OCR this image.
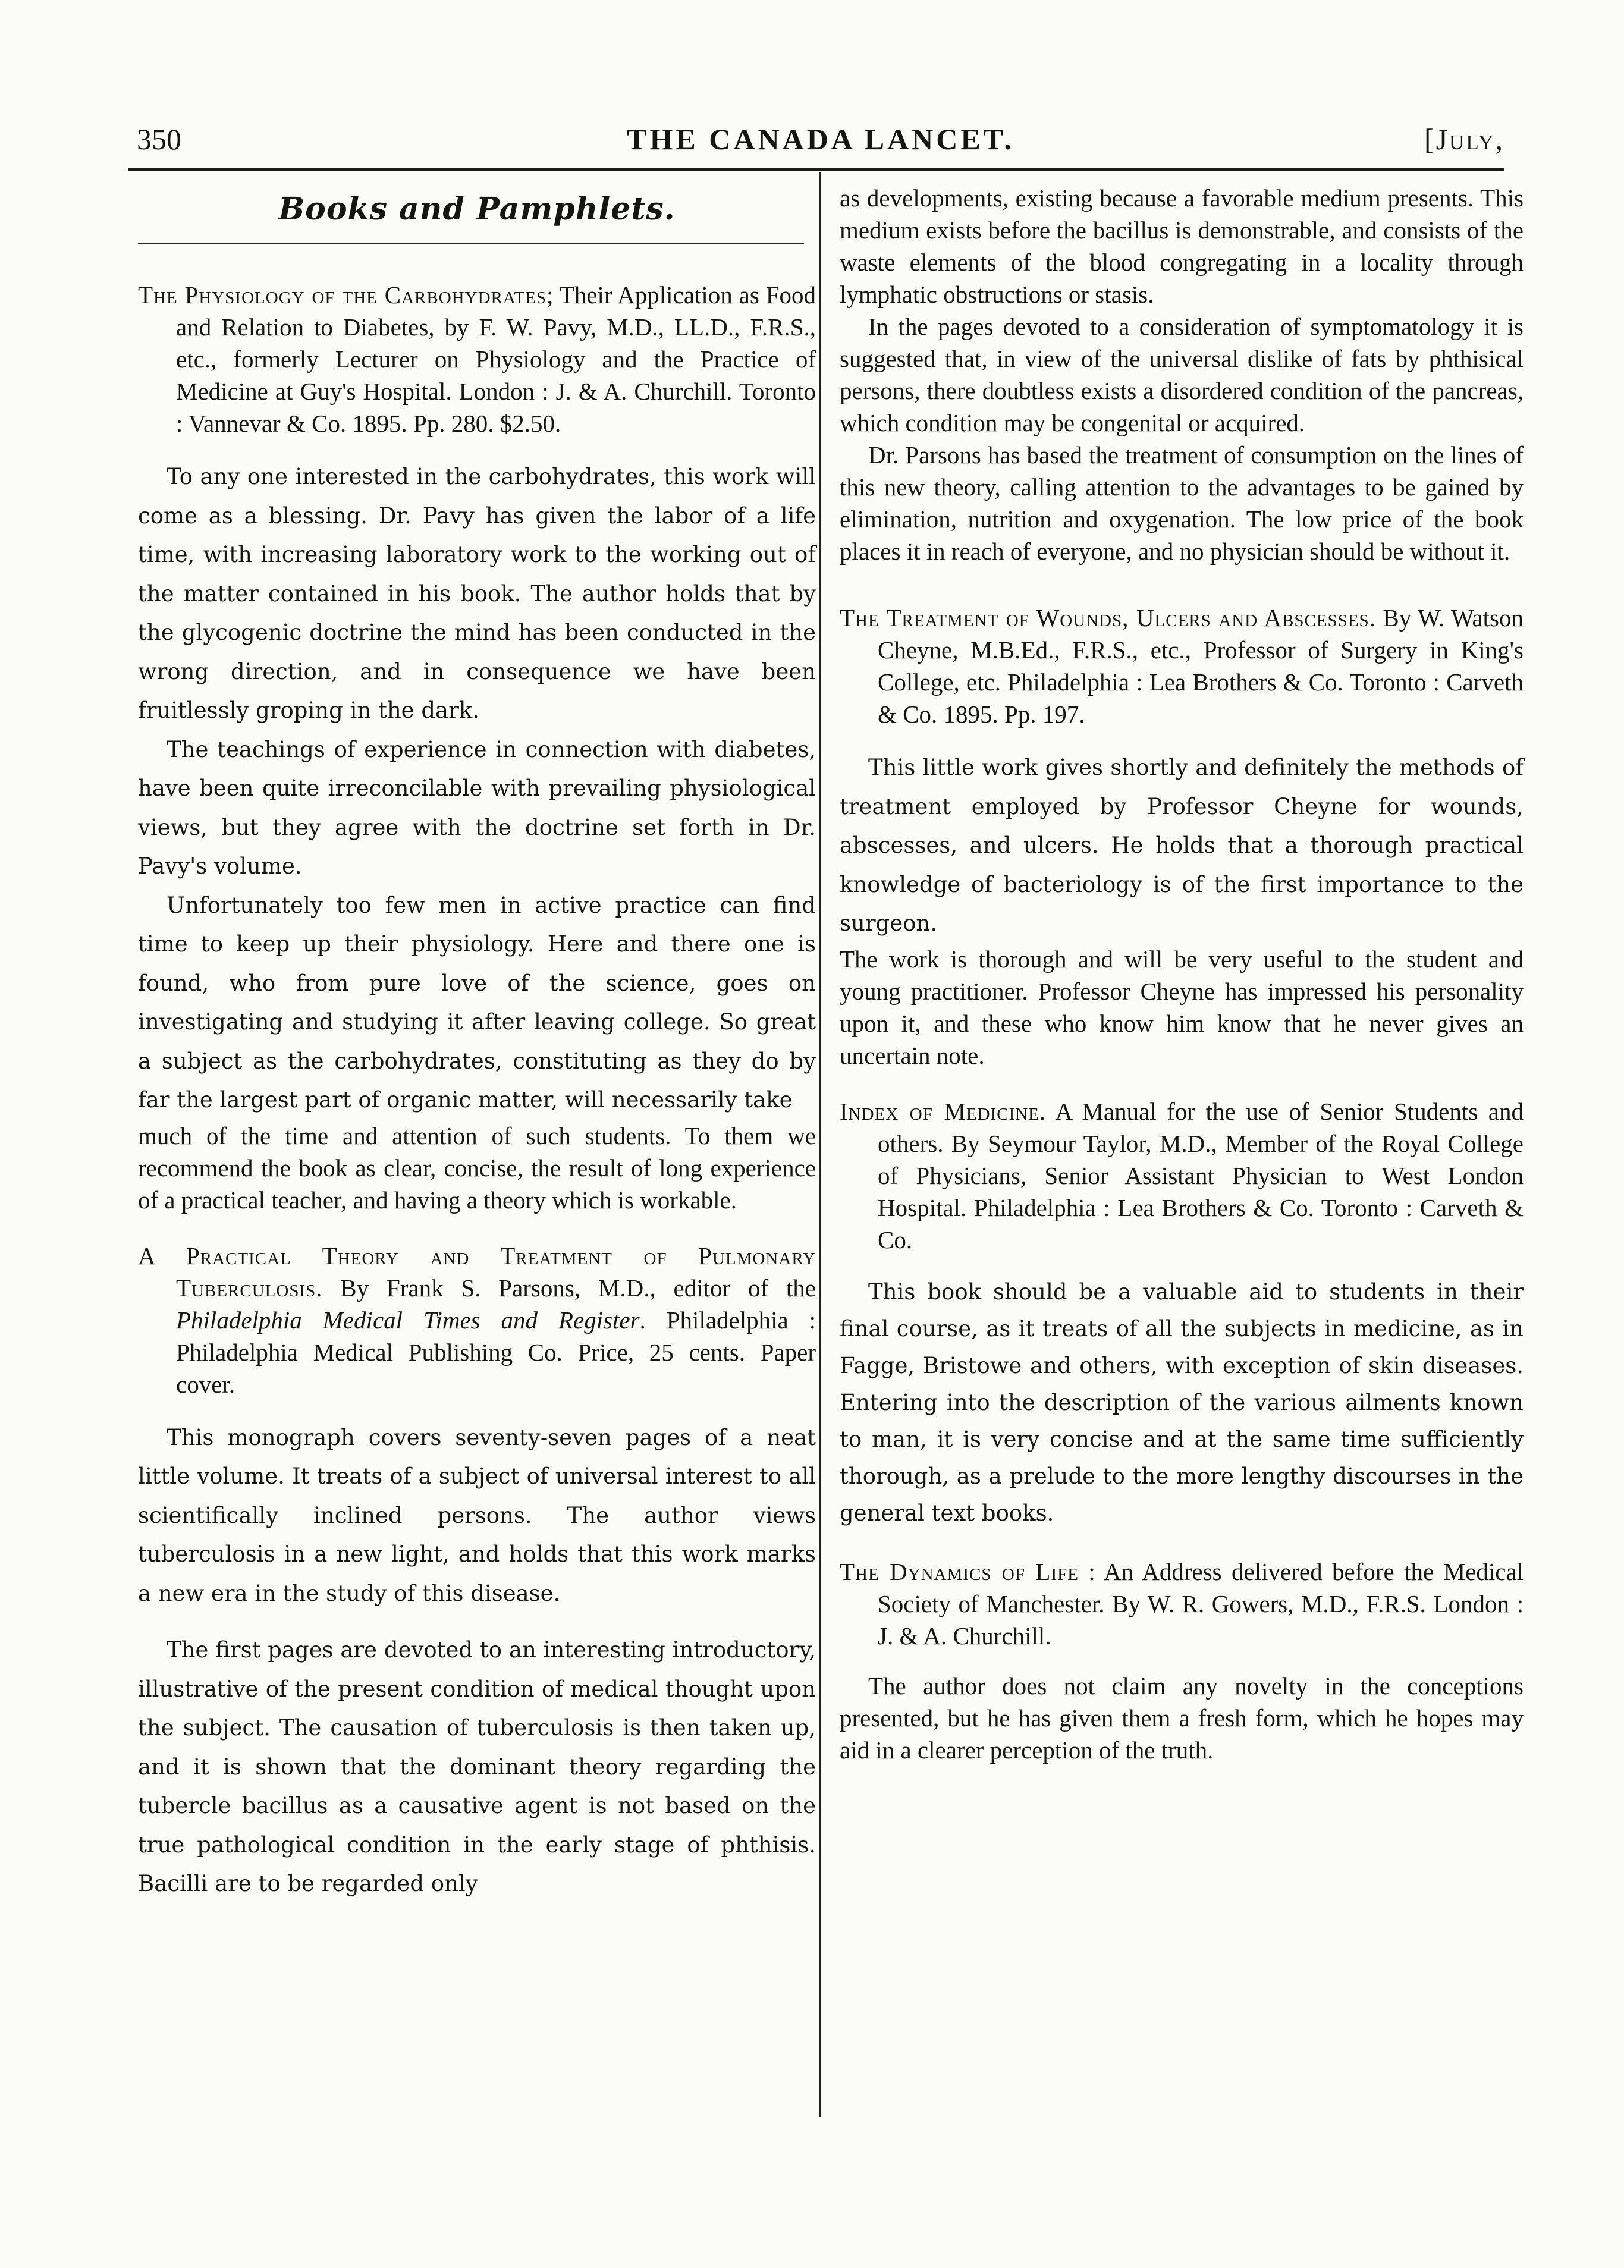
350	THE CANADA LANCET.	[July,
Books and Pamphlets.

The Physiology of the Carbohydrates; Their Application as Food and Relation to Diabetes, by F. W. Pavy, M.D., LL.D., F.R.S., etc., formerly Lecturer on Physiology and the Practice of Medicine at Guy's Hospital. London : J. & A. Churchill. Toronto : Vannevar & Co. 1895. Pp. 280. $2.50.

To any one interested in the carbohydrates, this work will come as a blessing. Dr. Pavy has given the labor of a life time, with increasing laboratory work to the working out of the matter contained in his book. The author holds that by the glycogenic doctrine the mind has been conducted in the wrong direction, and in consequence we have been fruitlessly groping in the dark.

The teachings of experience in connection with diabetes, have been quite irreconcilable with prevailing physiological views, but they agree with the doctrine set forth in Dr. Pavy's volume.

Unfortunately too few men in active practice can find time to keep up their physiology. Here and there one is found, who from pure love of the science, goes on investigating and studying it after leaving college. So great a subject as the carbohydrates, constituting as they do by far the largest part of organic matter, will necessarily take

much of the time and attention of such students. To them we recommend the book as clear, concise, the result of long experience of a practical teacher, and having a theory which is workable.

A Practical Theory and Treatment of Pulmonary Tuberculosis. By Frank S. Parsons, M.D., editor of the Philadelphia Medical Times and Register. Philadelphia : Philadelphia Medical Publishing Co. Price, 25 cents. Paper cover.

This monograph covers seventy-seven pages of a neat little volume. It treats of a subject of universal interest to all scientifically inclined persons. The author views tuberculosis in a new light, and holds that this work marks a new era in the study of this disease.

The first pages are devoted to an interesting introductory, illustrative of the present condition of medical thought upon the subject. The causation of tuberculosis is then taken up, and it is shown that the dominant theory regarding the tubercle bacillus as a causative agent is not based on the true pathological condition in the early stage of phthisis. Bacilli are to be regarded only

as developments, existing because a favorable medium presents. This medium exists before the bacillus is demonstrable, and consists of the waste elements of the blood congregating in a locality through lymphatic obstructions or stasis.

In the pages devoted to a consideration of symptomatology it is suggested that, in view of the universal dislike of fats by phthisical persons, there doubtless exists a disordered condition of the pancreas, which condition may be congenital or acquired.

Dr. Parsons has based the treatment of consumption on the lines of this new theory, calling attention to the advantages to be gained by elimination, nutrition and oxygenation. The low price of the book places it in reach of everyone, and no physician should be without it.

The Treatment of Wounds, Ulcers and Abscesses. By W. Watson Cheyne, M.B.Ed., F.R.S., etc., Professor of Surgery in King's College, etc. Philadelphia : Lea Brothers & Co. Toronto : Carveth & Co. 1895. Pp. 197.

This little work gives shortly and definitely the methods of treatment employed by Professor Cheyne for wounds, abscesses, and ulcers. He holds that a thorough practical knowledge of bacteriology is of the first importance to the surgeon.

The work is thorough and will be very useful to the student and young practitioner. Professor Cheyne has impressed his personality upon it, and these who know him know that he never gives an uncertain note.

Index of Medicine. A Manual for the use of Senior Students and others. By Seymour Taylor, M.D., Member of the Royal College of Physicians, Senior Assistant Physician to West London Hospital. Philadelphia : Lea Brothers & Co. Toronto : Carveth & Co.

This book should be a valuable aid to students in their final course, as it treats of all the subjects in medicine, as in Fagge, Bristowe and others, with exception of skin diseases. Entering into the description of the various ailments known to man, it is very concise and at the same time sufficiently thorough, as a prelude to the more lengthy discourses in the general text books.

The Dynamics of Life : An Address delivered before the Medical Society of Manchester. By W. R. Gowers, M.D., F.R.S. London : J. & A. Churchill.

The author does not claim any novelty in the conceptions presented, but he has given them a fresh form, which he hopes may aid in a clearer perception of the truth.
